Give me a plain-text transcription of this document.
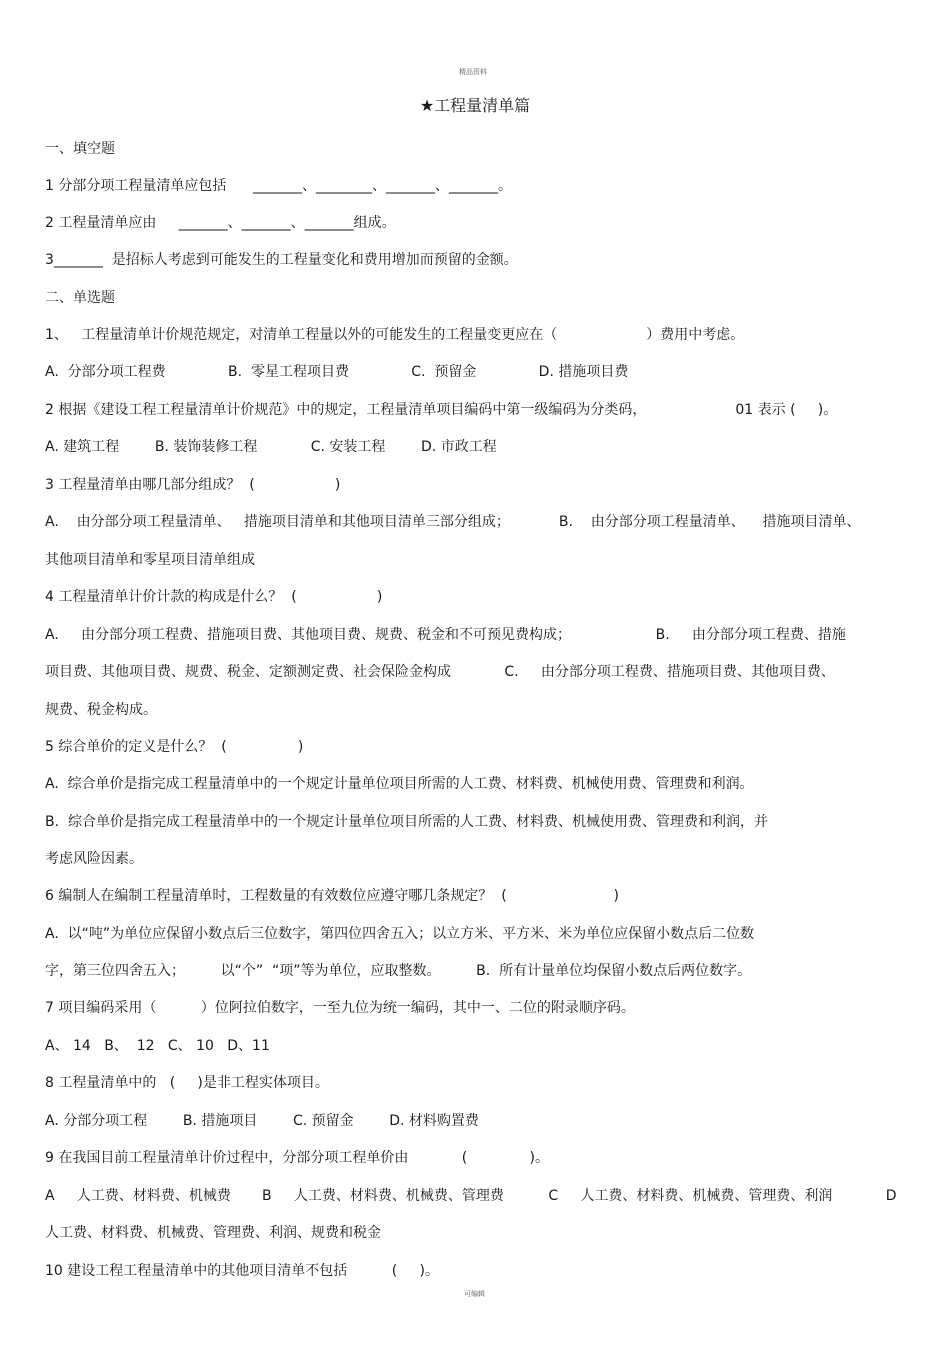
精品资料
★工程量清单篇
一、填空题
1 分部分项工程量清单应包括      _______、________、_______、_______。
2 工程量清单应由     _______、_______、_______组成。
3_______  是招标人考虑到可能发生的工程量变化和费用增加而预留的金额。
二、单选题
1、   工程量清单计价规范规定，对清单工程量以外的可能发生的工程量变更应在（                    ）费用中考虑。
A.  分部分项工程费              B.  零星工程项目费              C.  预留金              D. 措施项目费
2 根据《建设工程工程量清单计价规范》中的规定，工程量清单项目编码中第一级编码为分类码，                    01 表示 (     )。
A. 建筑工程        B. 装饰装修工程            C. 安装工程        D. 市政工程
3 工程量清单由哪几部分组成？  (                  )
A.    由分部分项工程量清单、   措施项目清单和其他项目清单三部分组成；           B.    由分部分项工程量清单、    措施项目清单、
其他项目清单和零星项目清单组成
4 工程量清单计价计款的构成是什么？  (                  )
A.     由分部分项工程费、措施项目费、其他项目费、规费、税金和不可预见费构成；                   B.     由分部分项工程费、措施
项目费、其他项目费、规费、税金、定额测定费、社会保险金构成            C.     由分部分项工程费、措施项目费、其他项目费、
规费、税金构成。
5 综合单价的定义是什么？  (                )
A.  综合单价是指完成工程量清单中的一个规定计量单位项目所需的人工费、材料费、机械使用费、管理费和利润。
B.  综合单价是指完成工程量清单中的一个规定计量单位项目所需的人工费、材料费、机械使用费、管理费和利润，并
考虑风险因素。
6 编制人在编制工程量清单时，工程数量的有效数位应遵守哪几条规定？  (                        )
A.  以“吨”为单位应保留小数点后三位数字，第四位四舍五入；以立方米、平方米、米为单位应保留小数点后二位数
字，第三位四舍五入；        以“个”  “项”等为单位，应取整数。        B.  所有计量单位均保留小数点后两位数字。
7 项目编码采用（          ）位阿拉伯数字，一至九位为统一编码，其中一、二位的附录顺序码。
A、 14   B、  12   C、 10   D、11
8 工程量清单中的   (     )是非工程实体项目。
A. 分部分项工程        B. 措施项目        C. 预留金        D. 材料购置费
9 在我国目前工程量清单计价过程中，分部分项工程单价由            (              )。
A     人工费、材料费、机械费       B     人工费、材料费、机械费、管理费          C     人工费、材料费、机械费、管理费、利润            D
人工费、材料费、机械费、管理费、利润、规费和税金
10 建设工程工程量清单中的其他项目清单不包括          (     )。
可编辑
